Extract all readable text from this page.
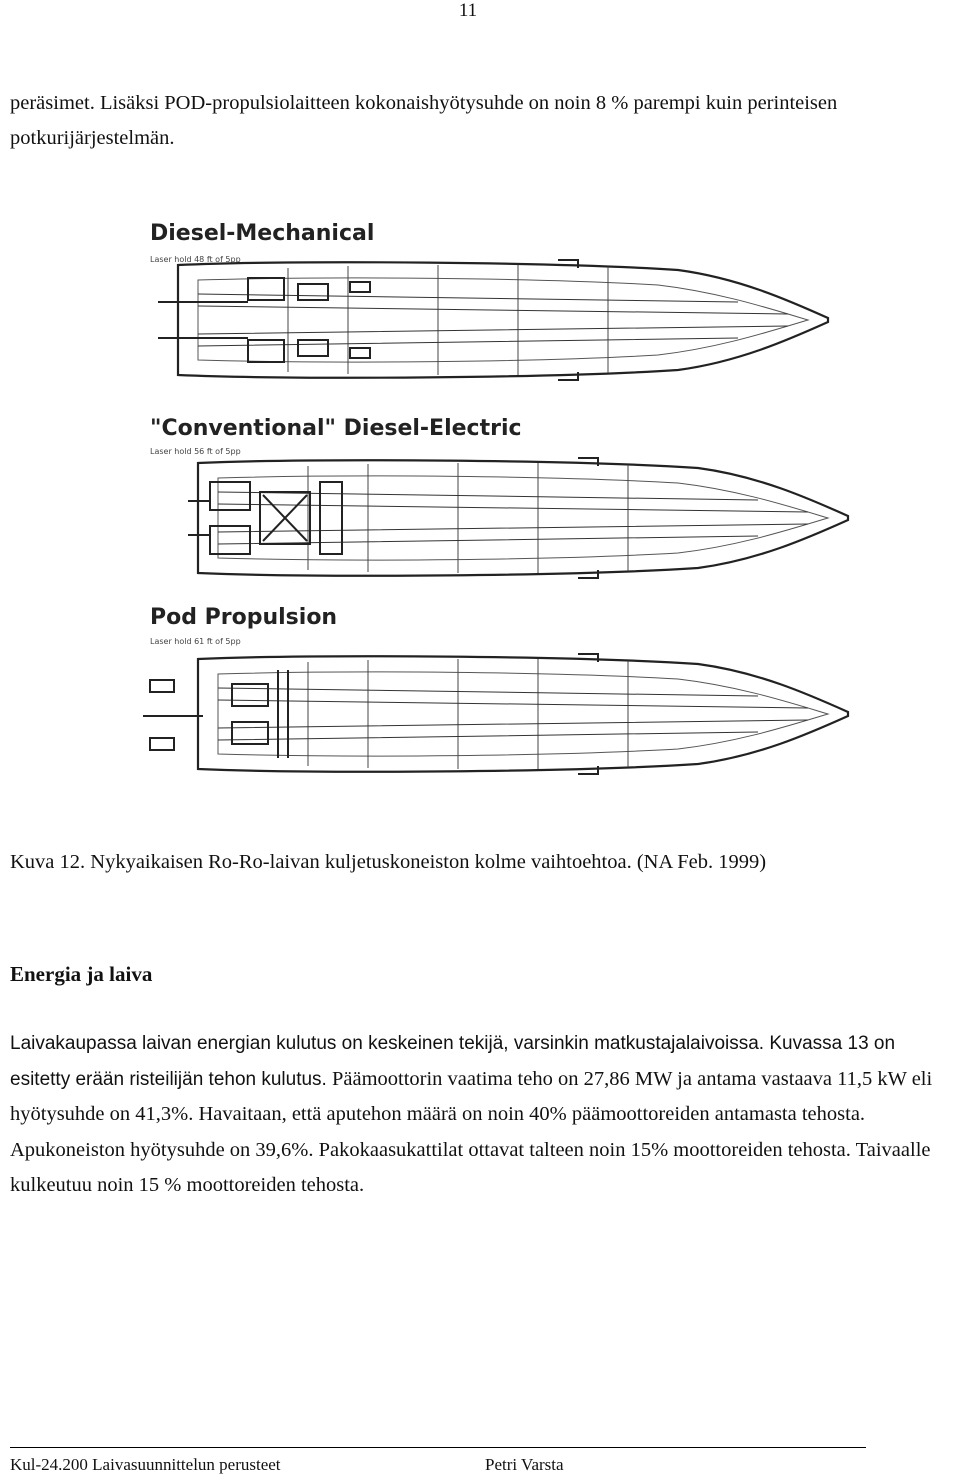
11

peräsimet. Lisäksi POD-propulsiolaitteen kokonaishyötysuhde on noin 8 % parempi kuin perinteisen potkurijärjestelmän.

Diesel-Mechanical
Laser hold 48 ft of 5pp
"Conventional" Diesel-Electric
Laser hold 56 ft of 5pp
Pod Propulsion
Laser hold 61 ft of 5pp
Kuva 12. Nykyaikaisen Ro-Ro-laivan kuljetuskoneiston kolme vaihtoehtoa. (NA Feb. 1999)
Energia ja laiva

Laivakaupassa laivan energian kulutus on keskeinen tekijä, varsinkin matkustajalaivoissa. Kuvassa 13 on esitetty erään risteilijän tehon kulutus. Päämoottorin vaatima teho on 27,86 MW ja antama vastaava 11,5 kW eli hyötysuhde on 41,3%. Havaitaan, että aputehon määrä on noin 40% päämoottoreiden antamasta tehosta. Apukoneiston hyötysuhde on 39,6%. Pakokaasukattilat ottavat talteen noin 15% moottoreiden tehosta. Taivaalle kulkeutuu noin 15 % moottoreiden tehosta.

Kul-24.200 Laivasuunnittelun perusteet	Petri Varsta
